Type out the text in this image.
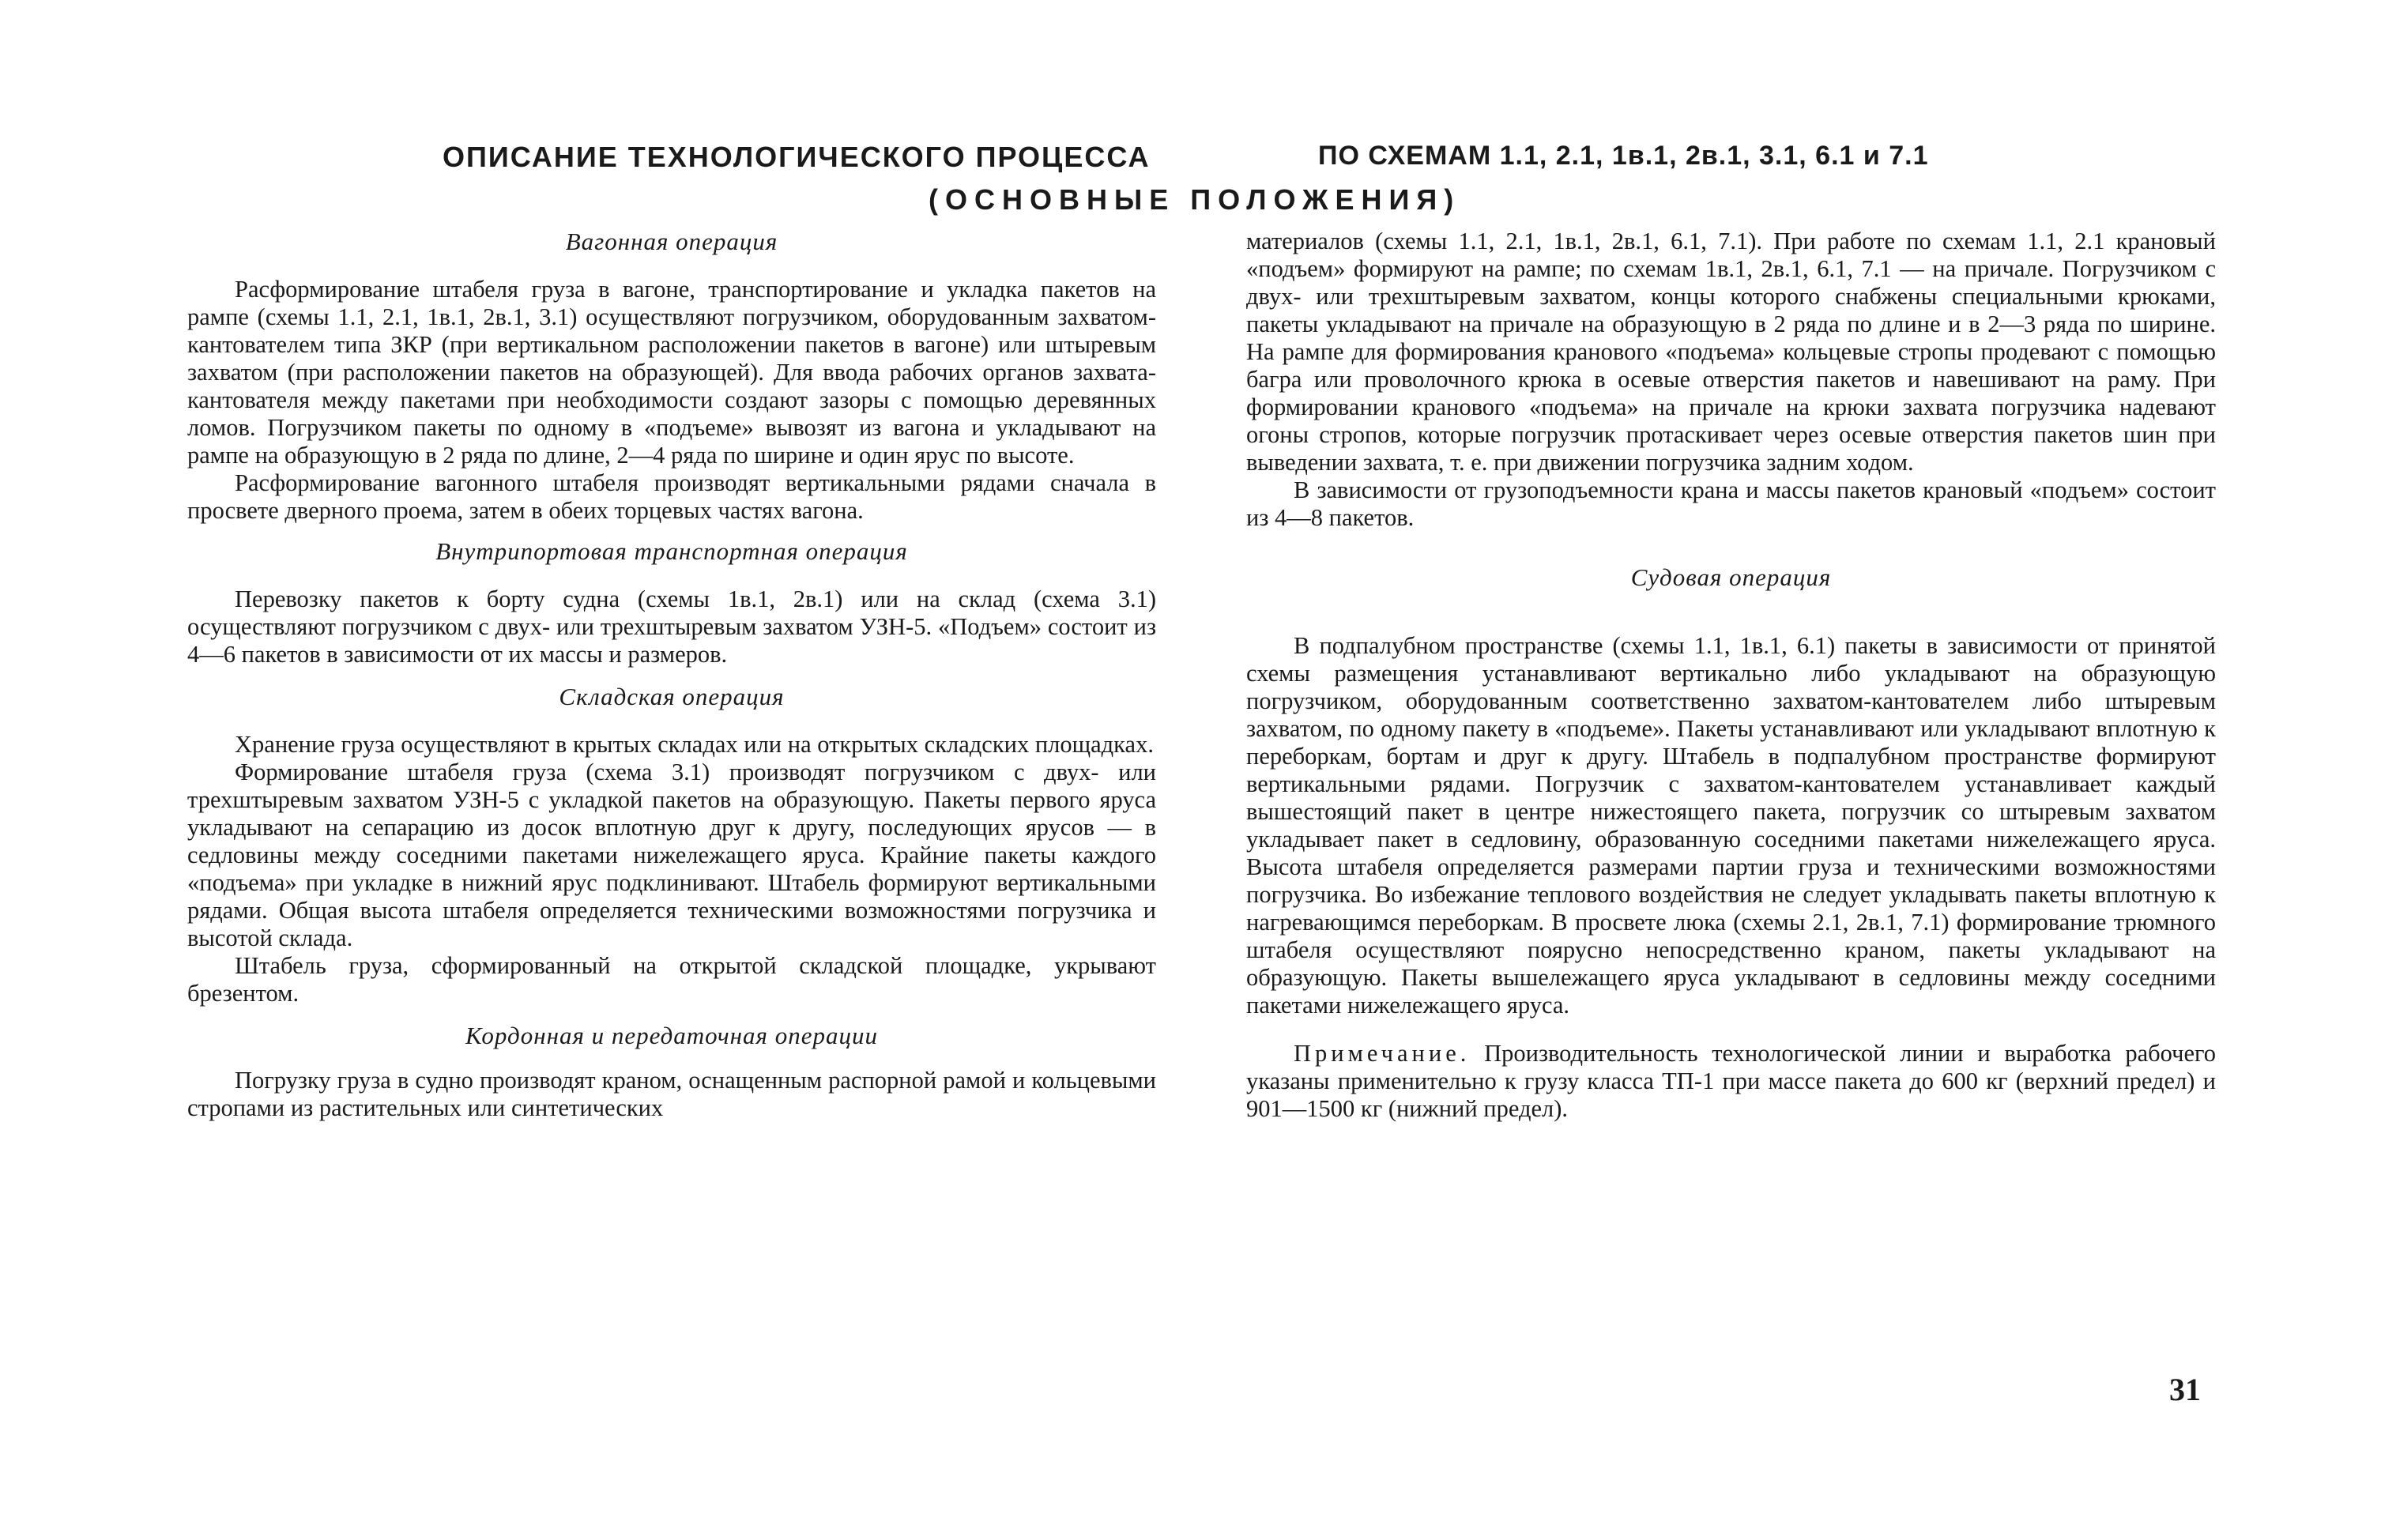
ОПИСАНИЕ ТЕХНОЛОГИЧЕСКОГО ПРОЦЕССА	ПО СХЕМАМ 1.1, 2.1, 1в.1, 2в.1, 3.1, 6.1 и 7.1
(ОСНОВНЫЕ ПОЛОЖЕНИЯ)
Вагонная операция

Расформирование штабеля груза в вагоне, транспортирование и укладка пакетов на рампе (схемы 1.1, 2.1, 1в.1, 2в.1, 3.1) осуществляют погрузчиком, оборудованным захватом-кантователем типа ЗКР (при вертикальном расположении пакетов в вагоне) или штыревым захватом (при расположении пакетов на образующей). Для ввода рабочих органов захвата-кантователя между пакетами при необходимости создают зазоры с помощью деревянных ломов. Погрузчиком пакеты по одному в «подъеме» вывозят из вагона и укладывают на рампе на образующую в 2 ряда по длине, 2—4 ряда по ширине и один ярус по высоте.

Расформирование вагонного штабеля производят вертикальными рядами сначала в просвете дверного проема, затем в обеих торцевых частях вагона.

Внутрипортовая транспортная операция

Перевозку пакетов к борту судна (схемы 1в.1, 2в.1) или на склад (схема 3.1) осуществляют погрузчиком с двух- или трехштыревым захватом УЗН-5. «Подъем» состоит из 4—6 пакетов в зависимости от их массы и размеров.

Складская операция

Хранение груза осуществляют в крытых складах или на открытых складских площадках.

Формирование штабеля груза (схема 3.1) производят погрузчиком с двух- или трехштыревым захватом УЗН-5 с укладкой пакетов на образующую. Пакеты первого яруса укладывают на сепарацию из досок вплотную друг к другу, последующих ярусов — в седловины между соседними пакетами нижележащего яруса. Крайние пакеты каждого «подъема» при укладке в нижний ярус подклинивают. Штабель формируют вертикальными рядами. Общая высота штабеля определяется техническими возможностями погрузчика и высотой склада.

Штабель груза, сформированный на открытой складской площадке, укрывают брезентом.

Кордонная и передаточная операции

Погрузку груза в судно производят краном, оснащенным распорной рамой и кольцевыми стропами из растительных или синтетических

материалов (схемы 1.1, 2.1, 1в.1, 2в.1, 6.1, 7.1). При работе по схемам 1.1, 2.1 крановый «подъем» формируют на рампе; по схемам 1в.1, 2в.1, 6.1, 7.1 — на причале. Погрузчиком с двух- или трехштыревым захватом, концы которого снабжены специальными крюками, пакеты укладывают на причале на образующую в 2 ряда по длине и в 2—3 ряда по ширине. На рампе для формирования кранового «подъема» кольцевые стропы продевают с помощью багра или проволочного крюка в осевые отверстия пакетов и навешивают на раму. При формировании кранового «подъема» на причале на крюки захвата погрузчика надевают огоны стропов, которые погрузчик протаскивает через осевые отверстия пакетов шин при выведении захвата, т. е. при движении погрузчика задним ходом.

В зависимости от грузоподъемности крана и массы пакетов крановый «подъем» состоит из 4—8 пакетов.

Судовая операция

В подпалубном пространстве (схемы 1.1, 1в.1, 6.1) пакеты в зависимости от принятой схемы размещения устанавливают вертикально либо укладывают на образующую погрузчиком, оборудованным соответственно захватом-кантователем либо штыревым захватом, по одному пакету в «подъеме». Пакеты устанавливают или укладывают вплотную к переборкам, бортам и друг к другу. Штабель в подпалубном пространстве формируют вертикальными рядами. Погрузчик с захватом-кантователем устанавливает каждый вышестоящий пакет в центре нижестоящего пакета, погрузчик со штыревым захватом укладывает пакет в седловину, образованную соседними пакетами нижележащего яруса. Высота штабеля определяется размерами партии груза и техническими возможностями погрузчика. Во избежание теплового воздействия не следует укладывать пакеты вплотную к нагревающимся переборкам. В просвете люка (схемы 2.1, 2в.1, 7.1) формирование трюмного штабеля осуществляют поярусно непосредственно краном, пакеты укладывают на образующую. Пакеты вышележащего яруса укладывают в седловины между соседними пакетами нижележащего яруса.

Примечание. Производительность технологической линии и выработка рабочего указаны применительно к грузу класса ТП-1 при массе пакета до 600 кг (верхний предел) и 901—1500 кг (нижний предел).

31
